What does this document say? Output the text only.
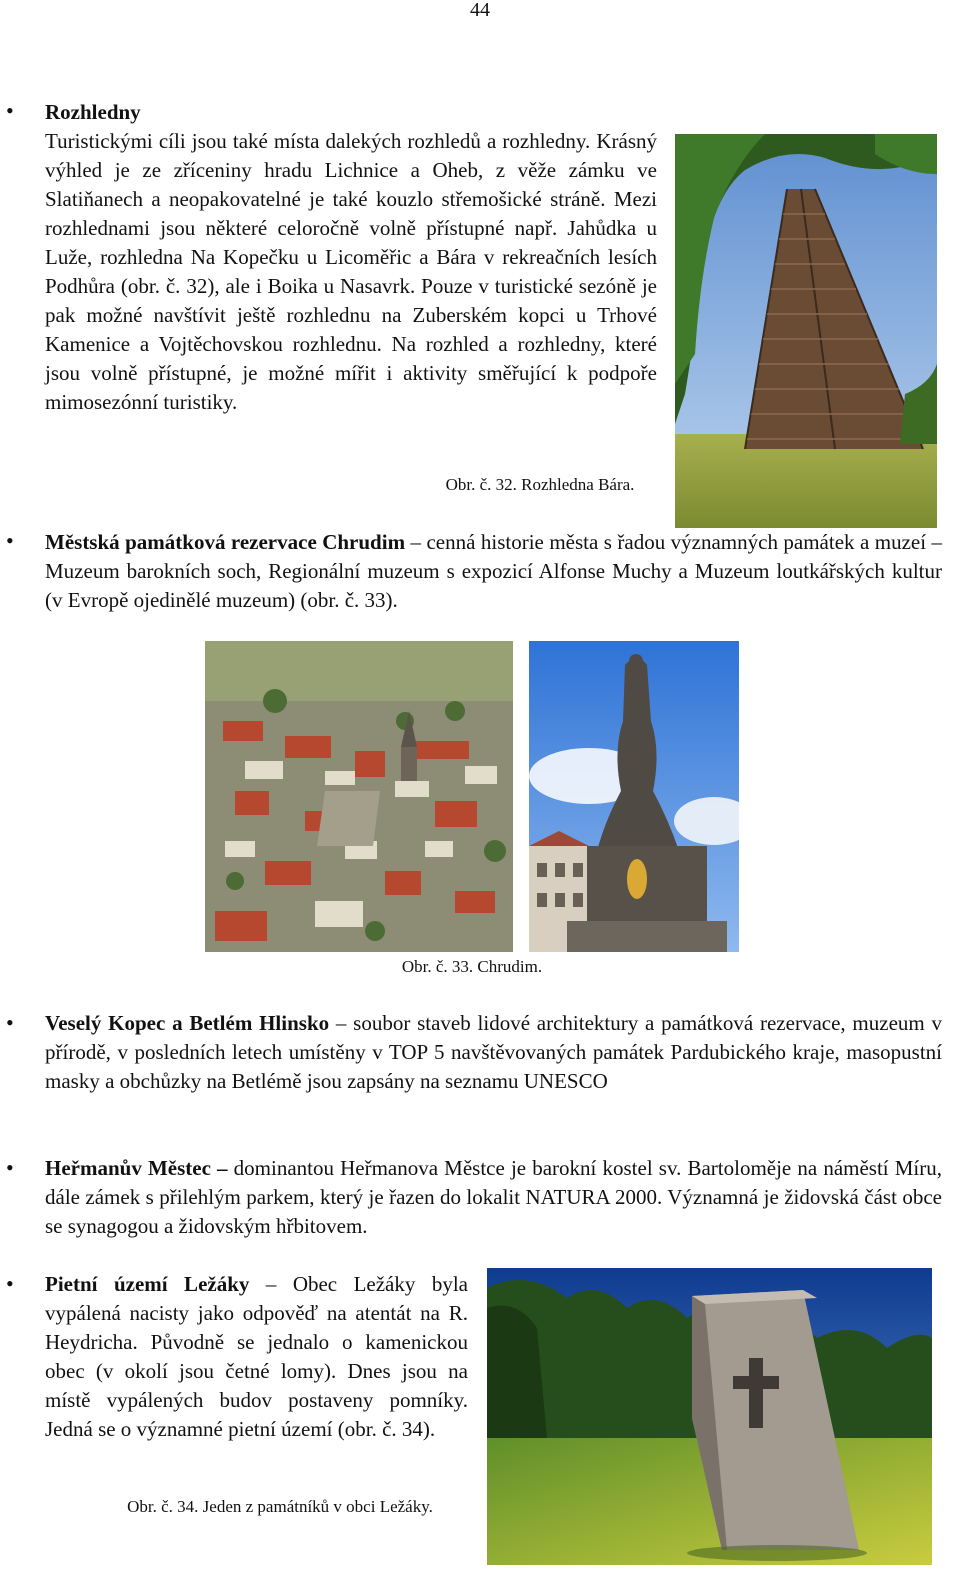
44
• Rozhledny
Turistickými cíli jsou také místa dalekých rozhledů a rozhledny. Krásný výhled je ze zříceniny hradu Lichnice a Oheb, z věže zámku ve Slatiňanech a neopakovatelné je také kouzlo střemošické stráně. Mezi rozhlednami jsou některé celoročně volně přístupné např. Jahůdka u Luže, rozhledna Na Kopečku u Licoměřic a Bára v rekreačních lesích Podhůra (obr. č. 32), ale i Boika u Nasavrk. Pouze v turistické sezóně je pak možné navštívit ještě rozhlednu na Zuberském kopci u Trhové Kamenice a Vojtěchovskou rozhlednu. Na rozhled a rozhledny, které jsou volně přístupné, je možné mířit i aktivity směřující k podpoře mimosezónní turistiky.
Obr. č. 32. Rozhledna Bára.
• Městská památková rezervace Chrudim – cenná historie města s řadou významných památek a muzeí – Muzeum barokních soch, Regionální muzeum s expozicí Alfonse Muchy a Muzeum loutkářských kultur (v Evropě ojedinělé muzeum) (obr. č. 33).
Obr. č. 33. Chrudim.
• Veselý Kopec a Betlém Hlinsko – soubor staveb lidové architektury a památková rezervace, muzeum v přírodě, v posledních letech umístěny v TOP 5 navštěvovaných památek Pardubického kraje, masopustní masky a obchůzky na Betlémě jsou zapsány na seznamu UNESCO
• Heřmanův Městec – dominantou Heřmanova Městce je barokní kostel sv. Bartoloměje na náměstí Míru, dále zámek s přilehlým parkem, který je řazen do lokalit NATURA 2000. Významná je židovská část obce se synagogou a židovským hřbitovem.
• Pietní území Ležáky – Obec Ležáky byla vypálená nacisty jako odpověď na atentát na R. Heydricha. Původně se jednalo o kamenickou obec (v okolí jsou četné lomy). Dnes jsou na místě vypálených budov postaveny pomníky. Jedná se o významné pietní území (obr. č. 34).
Obr. č. 34. Jeden z památníků v obci Ležáky.
